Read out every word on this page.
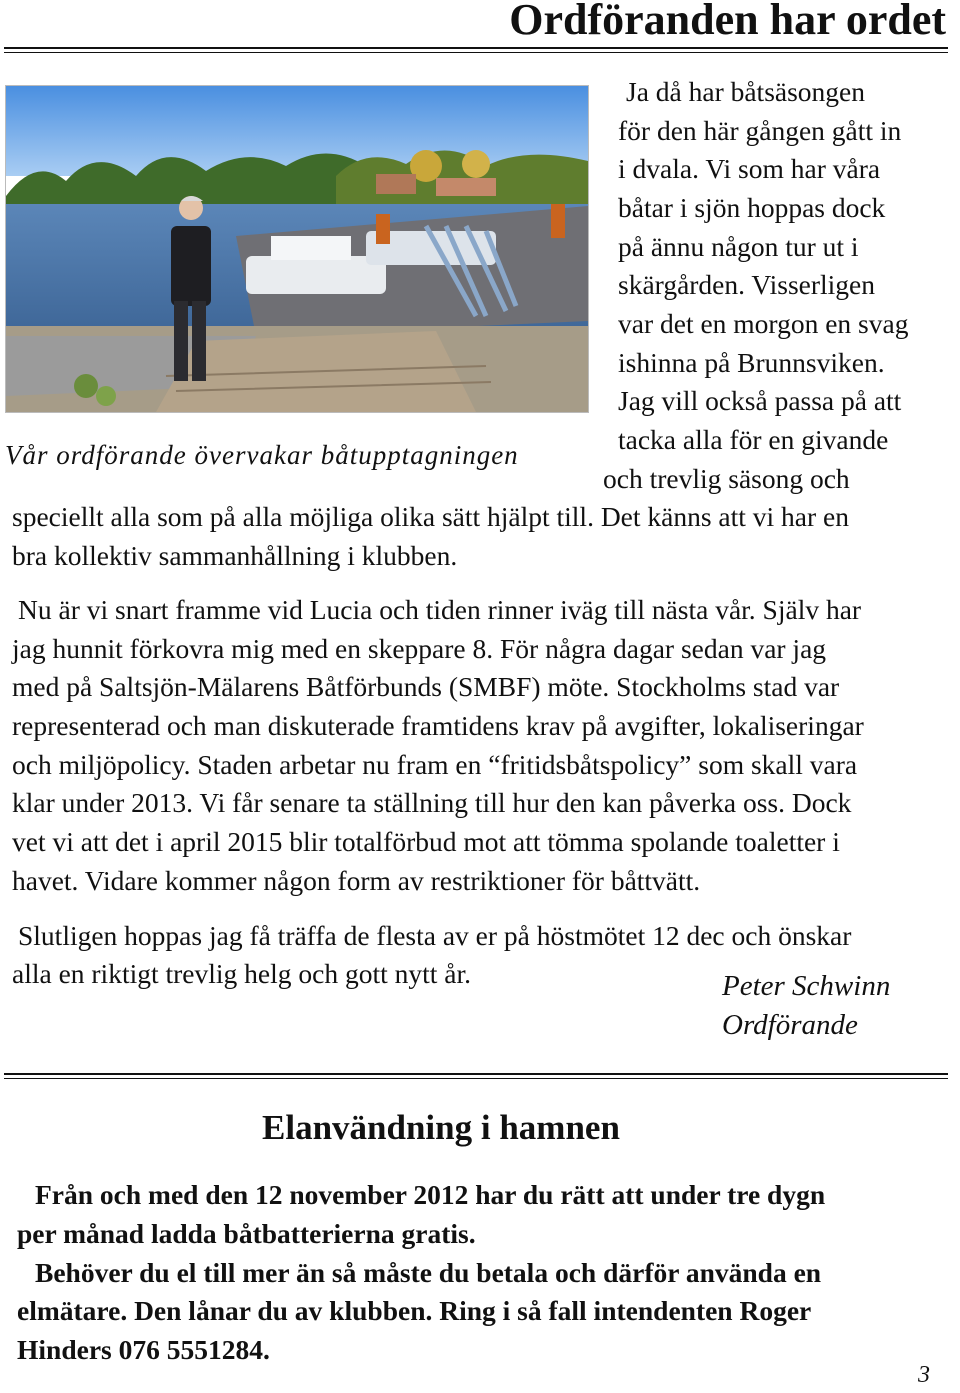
Ordföranden har ordet
Vår ordförande övervakar båtupptagningen
Ja då har båtsäsongen
för den här gången gått in
i dvala. Vi som har våra
båtar i sjön hoppas dock
på ännu någon tur ut i
skärgården. Visserligen
var det en morgon en svag
ishinna på Brunnsviken.
Jag vill också passa på att
tacka alla för en givande
och trevlig säsong och
speciellt alla som på alla möjliga olika sätt hjälpt till. Det känns att vi har en
bra kollektiv sammanhållning i klubben.
Nu är vi snart framme vid Lucia och tiden rinner iväg till nästa vår. Själv har
jag hunnit förkovra mig med en skeppare 8. För några dagar sedan var jag
med på Saltsjön-Mälarens Båtförbunds (SMBF) möte. Stockholms stad var
representerad och man diskuterade framtidens krav på avgifter, lokaliseringar
och miljöpolicy. Staden arbetar nu fram en “fritidsbåtspolicy” som skall vara
klar under 2013. Vi får senare ta ställning till hur den kan påverka oss. Dock
vet vi att det i april 2015 blir totalförbud mot att tömma spolande toaletter i
havet. Vidare kommer någon form av restriktioner för båttvätt.
Slutligen hoppas jag få träffa de flesta av er på höstmötet 12 dec och önskar
alla en riktigt trevlig helg och gott nytt år.	Peter Schwinn
Ordförande
Elanvändning i hamnen
Från och med den 12 november 2012 har du rätt att under tre dygn
per månad ladda båtbatterierna gratis.
Behöver du el till mer än så måste du betala och därför använda en
elmätare. Den lånar du av klubben. Ring i så fall intendenten Roger
Hinders 076 5551284.
3
